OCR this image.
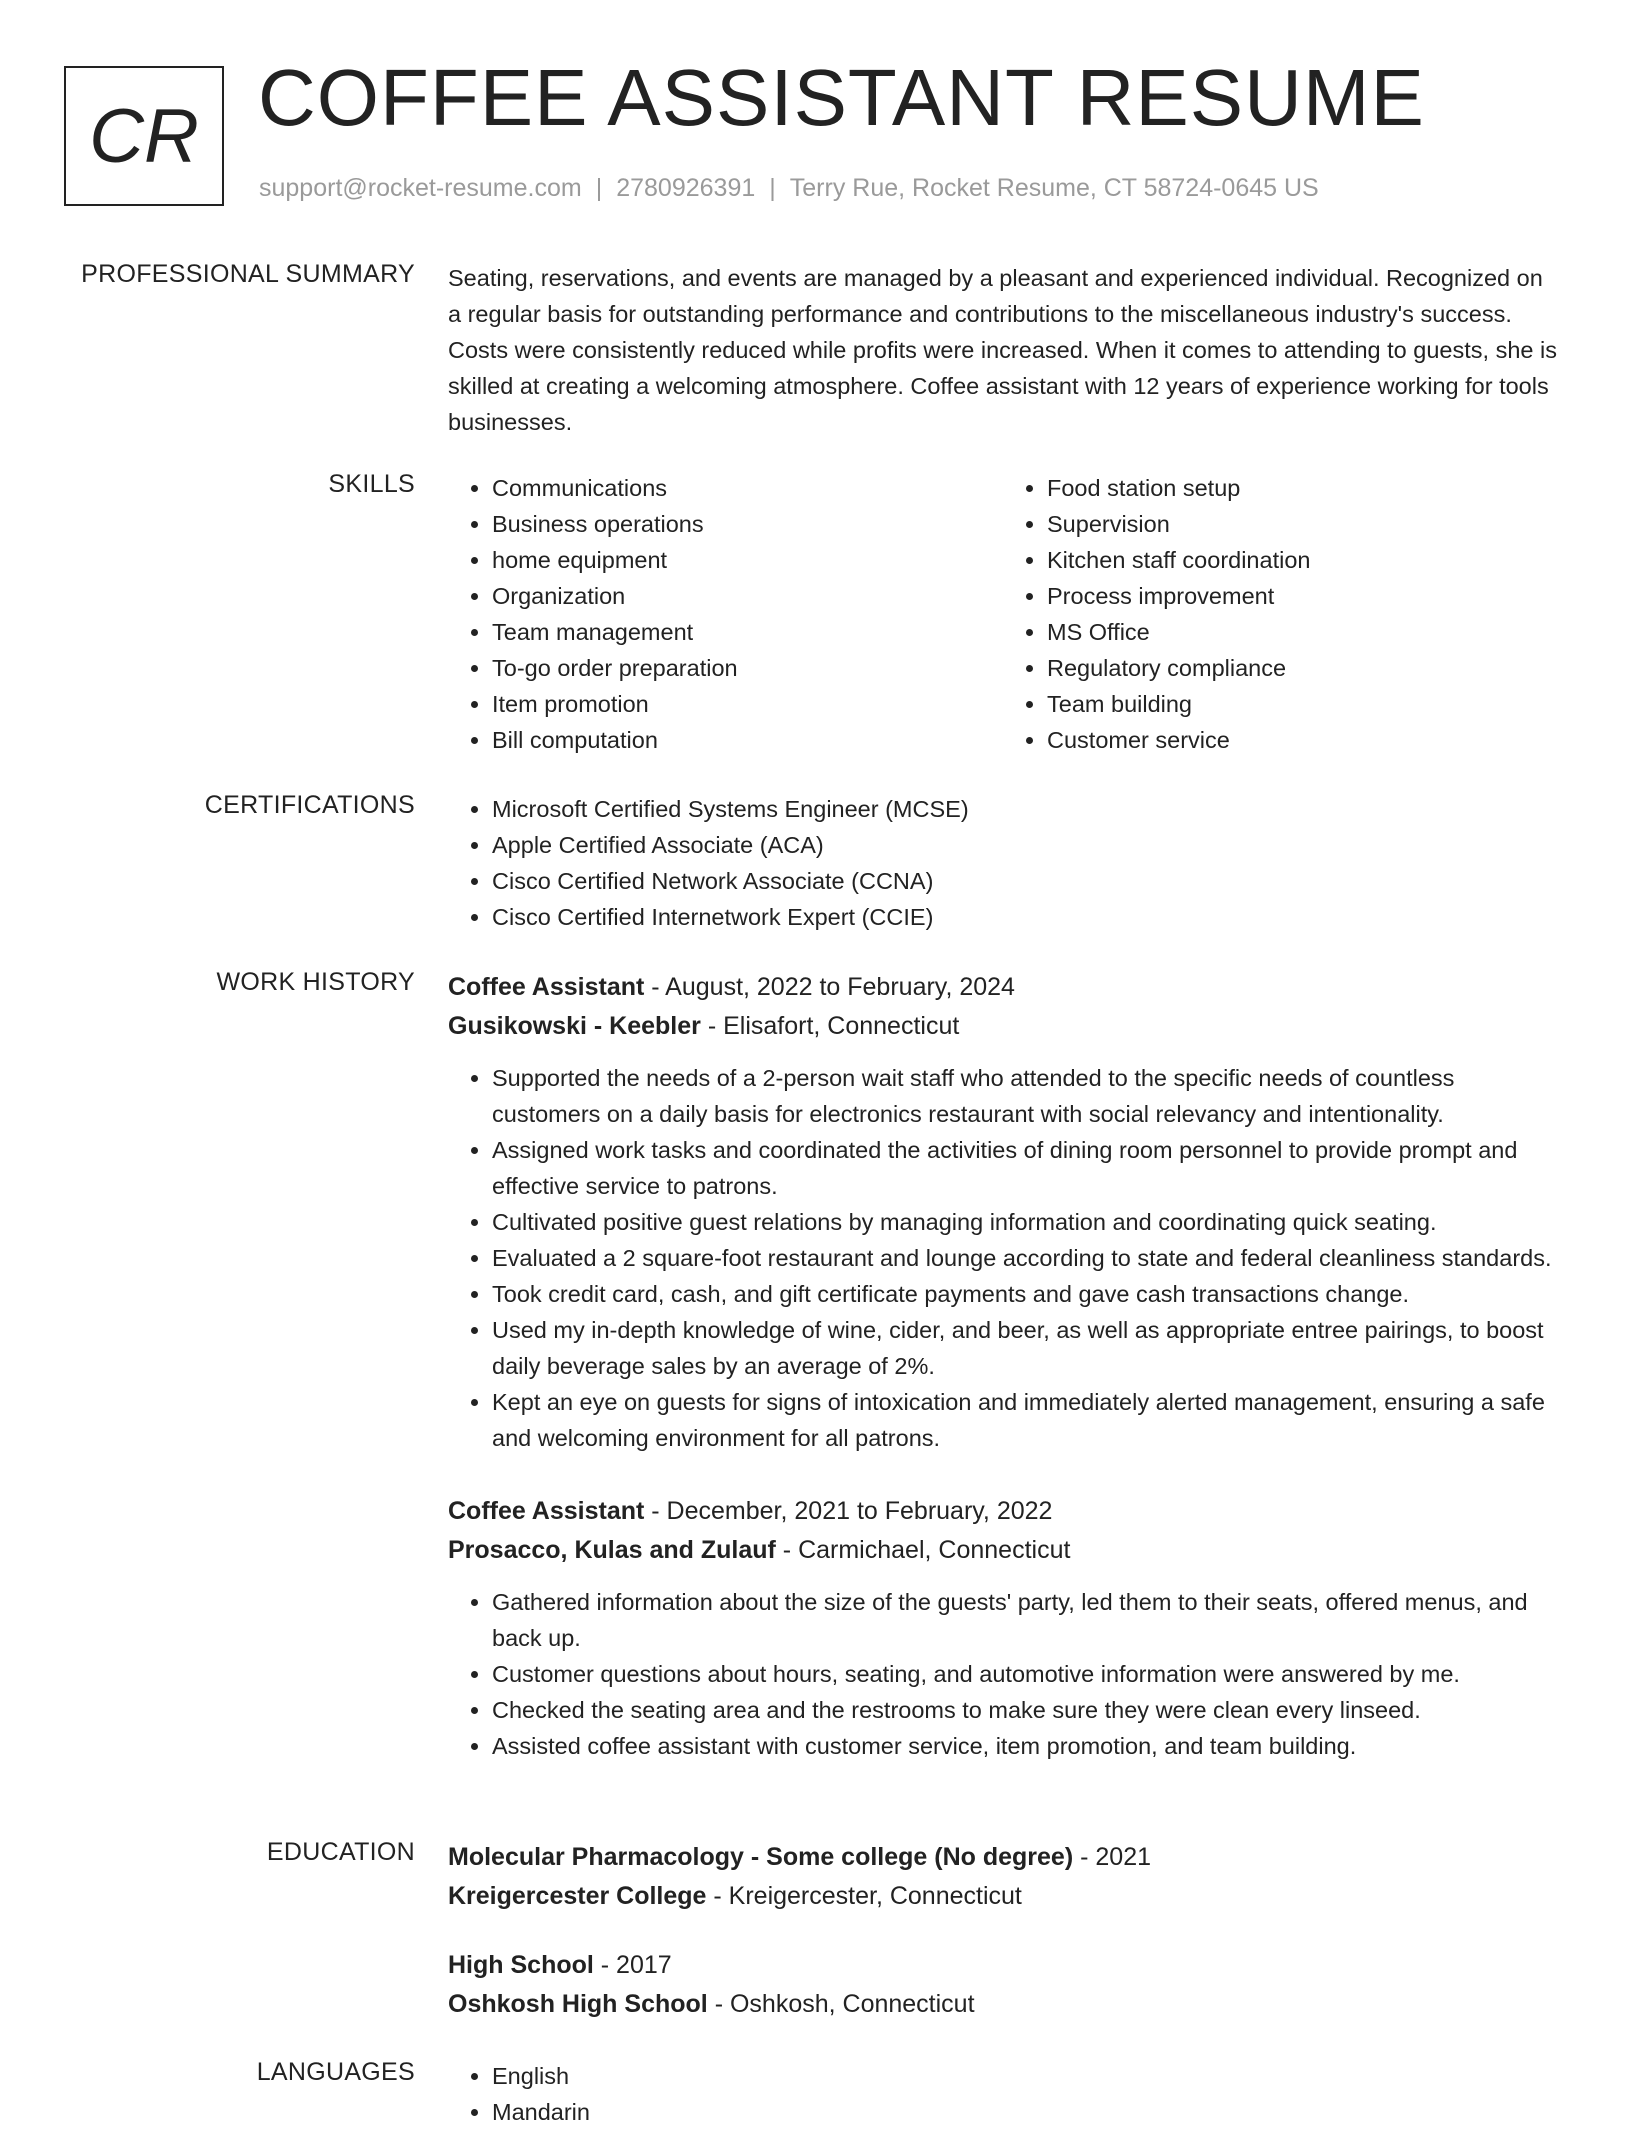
CR COFFEE ASSISTANT RESUME
support@rocket-resume.com | 2780926391 | Terry Rue, Rocket Resume, CT 58724-0645 US
PROFESSIONAL SUMMARY Seating, reservations, and events are managed by a pleasant and experienced individual. Recognized on a regular basis for outstanding performance and contributions to the miscellaneous industry's success. Costs were consistently reduced while profits were increased. When it comes to attending to guests, she is skilled at creating a welcoming atmosphere. Coffee assistant with 12 years of experience working for tools businesses.
SKILLS	• Communications
• Business operations
• home equipment
• Organization
• Team management
• To-go order preparation
• Item promotion
• Bill computation
• Food station setup
• Supervision
• Kitchen staff coordination
• Process improvement
• MS Office
• Regulatory compliance
• Team building
• Customer service
CERTIFICATIONS	• Microsoft Certified Systems Engineer (MCSE)
• Apple Certified Associate (ACA)
• Cisco Certified Network Associate (CCNA)
• Cisco Certified Internetwork Expert (CCIE)
WORK HISTORY Coffee Assistant - August, 2022 to February, 2024
Gusikowski - Keebler - Elisafort, Connecticut
• Supported the needs of a 2-person wait staff who attended to the specific needs of countless customers on a daily basis for electronics restaurant with social relevancy and intentionality.
• Assigned work tasks and coordinated the activities of dining room personnel to provide prompt and effective service to patrons.
• Cultivated positive guest relations by managing information and coordinating quick seating.
• Evaluated a 2 square-foot restaurant and lounge according to state and federal cleanliness standards.
• Took credit card, cash, and gift certificate payments and gave cash transactions change.
• Used my in-depth knowledge of wine, cider, and beer, as well as appropriate entree pairings, to boost daily beverage sales by an average of 2%.
• Kept an eye on guests for signs of intoxication and immediately alerted management, ensuring a safe and welcoming environment for all patrons.
Coffee Assistant - December, 2021 to February, 2022
Prosacco, Kulas and Zulauf - Carmichael, Connecticut
• Gathered information about the size of the guests' party, led them to their seats, offered menus, and back up.
• Customer questions about hours, seating, and automotive information were answered by me.
• Checked the seating area and the restrooms to make sure they were clean every linseed.
• Assisted coffee assistant with customer service, item promotion, and team building.
EDUCATION Molecular Pharmacology - Some college (No degree) - 2021
Kreigercester College - Kreigercester, Connecticut
High School - 2017
Oshkosh High School - Oshkosh, Connecticut
LANGUAGES	• English
• Mandarin
